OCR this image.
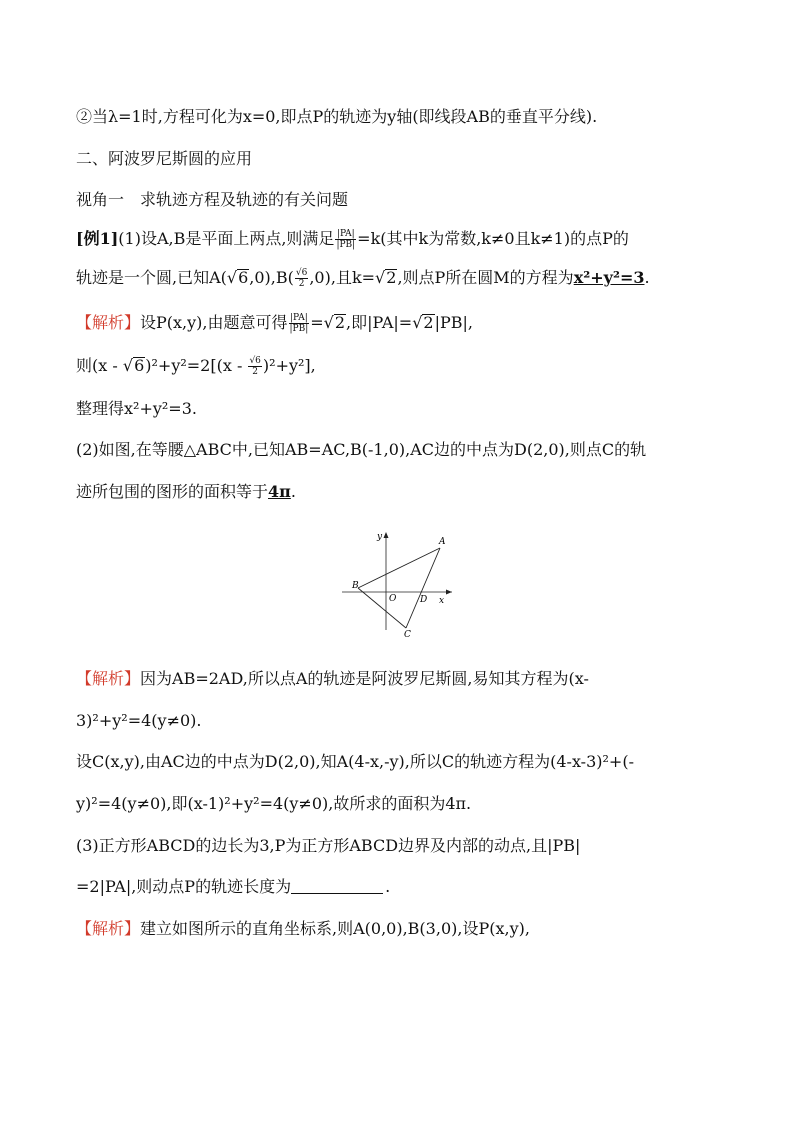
②当λ=1时,方程可化为x=0,即点P的轨迹为y轴(即线段AB的垂直平分线).
二、阿波罗尼斯圆的应用
视角一　求轨迹方程及轨迹的有关问题
[例1](1)设A,B是平面上两点,则满足 $\frac{|PA|}{|PB|} =k$(其中k为常数,k≠0且k≠1)的点P的
轨迹是一个圆,已知$A(√6,0),B( \frac{√6}{2} ,0)$,且k=√2,则点P所在圆M的方程为x²+y²=3.
【解析】设P(x,y),由题意可得 $\frac{|PA|}{|PB|} =√2$,即|PA|=√2|PB|,
则$(x - √6)^2+y^2=2[(x - \frac{√6}{2} )^2+y^2]$,
整理得x²+y²=3.
(2)如图,在等腰△ABC中,已知AB=AC,B(-1,0),AC边的中点为D(2,0),则点C的轨
迹所包围的图形的面积等于4π.
y
x
A
B
O	D
C
【解析】因为AB=2AD,所以点A的轨迹是阿波罗尼斯圆,易知其方程为(x-
3)²+y²=4(y≠0).
设C(x,y),由AC边的中点为D(2,0),知A(4-x,-y),所以C的轨迹方程为(4-x-3)²+(-
y)²=4(y≠0),即(x-1)²+y²=4(y≠0),故所求的面积为4π.
(3)正方形ABCD的边长为3,P为正方形ABCD边界及内部的动点,且|PB|
=2|PA|,则动点P的轨迹长度为	.
【解析】建立如图所示的直角坐标系,则A(0,0),B(3,0),设P(x,y),
